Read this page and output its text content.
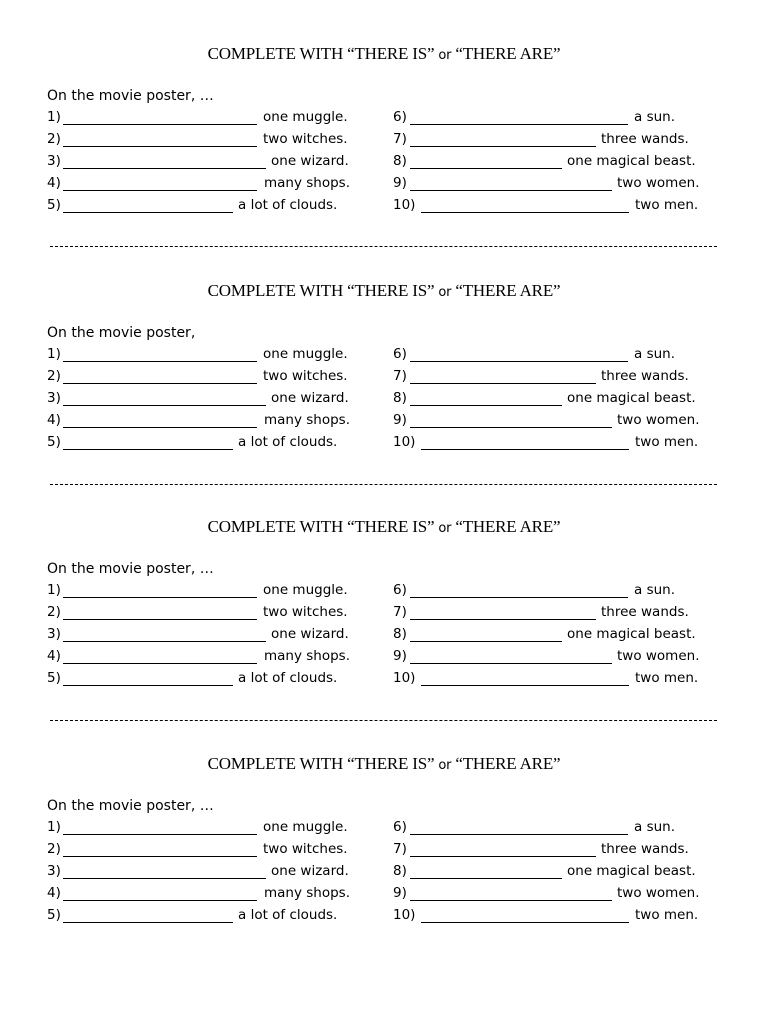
COMPLETE WITH “THERE IS” or “THERE ARE”
On the movie poster, …
1)	one muggle.
2)	two witches.
3)	one wizard.
4)	many shops.
5)	a lot of clouds.
6)	a sun.
7)	three wands.
8)	one magical beast.
9)	two women.
10)	two men.
COMPLETE WITH “THERE IS” or “THERE ARE”
On the movie poster,
1)	one muggle.
2)	two witches.
3)	one wizard.
4)	many shops.
5)	a lot of clouds.
6)	a sun.
7)	three wands.
8)	one magical beast.
9)	two women.
10)	two men.
COMPLETE WITH “THERE IS” or “THERE ARE”
On the movie poster, …
1)	one muggle.
2)	two witches.
3)	one wizard.
4)	many shops.
5)	a lot of clouds.
6)	a sun.
7)	three wands.
8)	one magical beast.
9)	two women.
10)	two men.
COMPLETE WITH “THERE IS” or “THERE ARE”
On the movie poster, …
1)	one muggle.
2)	two witches.
3)	one wizard.
4)	many shops.
5)	a lot of clouds.
6)	a sun.
7)	three wands.
8)	one magical beast.
9)	two women.
10)	two men.
